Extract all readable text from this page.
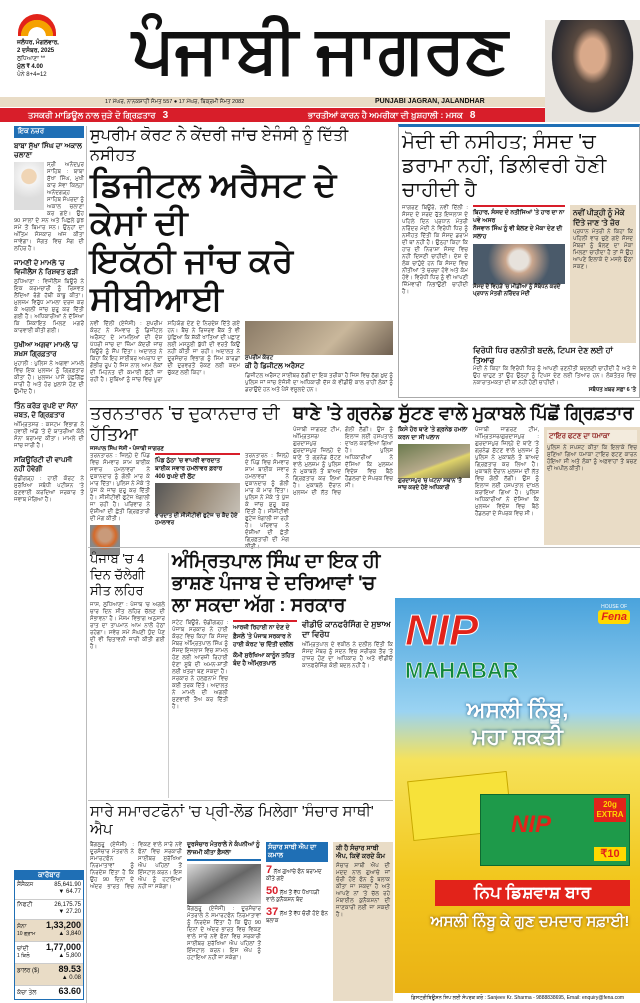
ਜਲੰਧਰ, ਮੰਗਲਵਾਰ,
2 ਦਸੰਬਰ, 2025
ਲੁਧਿਆਣਾ **
ਮੁੱਲ ₹ 4.00
ਪੰਨੇ 8+4=12	ਪੰਜਾਬੀ ਜਾਗਰਣ
17 ਮੱਘਰ, ਨਾਨਕਸ਼ਾਹੀ ਸੰਮਤ 557 ● 17 ਮੱਘਰ, ਬਿਕ੍ਰਮੀ ਸੰਮਤ 2082	PUNJABI JAGRAN, JALANDHAR
ਤਸਕਰੀ ਮਾਡਿਊਲ ਨਾਲ ਜੁੜੇ ਦੋ ਗ੍ਰਿਫ਼ਤਾਰ 3	ਭਾਰਤੀਆਂ ਕਾਰਨ ਹੈ ਅਮਰੀਕਾ ਦੀ ਖ਼ੁਸ਼ਹਾਲੀ : ਮਸਕ 8
ਇਕ ਨਜ਼ਰ
ਬਾਬਾ ਸੁੱਖਾ ਸਿੰਘ ਦਾ ਅਕਾਲ ਚਲਾਣਾ
ਸ੍ਰੀ ਅਨੰਦਪੁਰ ਸਾਹਿਬ : ਬਾਬਾ ਸੁੱਖਾ ਸਿੰਘ, ਮੁਖੀ ਕਾਰ ਸੇਵਾ ਕਿਲ੍ਹਾ ਅਨੰਦਗੜ੍ਹ ਸਾਹਿਬ ਸੰਪਰਦਾ ਨੂੰ ਅਕਾਲ ਚਲਾਣਾ ਕਰ ਗਏ। ਉਹ 90 ਸਾਲਾਂ ਦੇ ਸਨ ਅਤੇ ਪਿਛਲੇ ਕੁਝ ਸਮੇਂ ਤੋਂ ਬਿਮਾਰ ਸਨ। ਉਨ੍ਹਾਂ ਦਾ ਅੰਤਿਮ ਸੰਸਕਾਰ ਅੱਜ ਕੀਤਾ ਜਾਵੇਗਾ। ਸੰਗਤ ਵਿਚ ਸੋਗ ਦੀ ਲਹਿਰ ਹੈ।
ਜਾਮਣੀ ਦੇ ਮਾਮਲੇ 'ਚ ਵਿਜੀਲੈਂਸ ਨੇ ਰਿਸ਼ਵਤ ਫੜੀ
ਲੁਧਿਆਣਾ : ਵਿਜੀਲੈਂਸ ਬਿਊਰੋ ਨੇ ਇਕ ਕਰਮਚਾਰੀ ਨੂੰ ਰਿਸ਼ਵਤ ਲੈਂਦਿਆਂ ਰੰਗੇ ਹੱਥੀਂ ਕਾਬੂ ਕੀਤਾ। ਮੁਲਜ਼ਮ ਵਿਰੁੱਧ ਮਾਮਲਾ ਦਰਜ ਕਰ ਕੇ ਅਗਲੀ ਜਾਂਚ ਸ਼ੁਰੂ ਕਰ ਦਿੱਤੀ ਗਈ ਹੈ। ਅਧਿਕਾਰੀਆਂ ਨੇ ਦੱਸਿਆ ਕਿ ਸ਼ਿਕਾਇਤ ਮਿਲਣ ਮਗਰੋਂ ਕਾਰਵਾਈ ਕੀਤੀ ਗਈ।
ਧੁਖੀਆ ਅਗਵਾ ਮਾਮਲੇ 'ਚ ਸ਼ਖ਼ਸ ਗ੍ਰਿਫ਼ਤਾਰ
ਮੁਹਾਲੀ : ਪੁਲਿਸ ਨੇ ਅਗਵਾ ਮਾਮਲੇ ਵਿਚ ਇਕ ਮੁਲਜ਼ਮ ਨੂੰ ਗ੍ਰਿਫ਼ਤਾਰ ਕੀਤਾ ਹੈ। ਮੁਲਜ਼ਮ ਪਾਸੋਂ ਪੁੱਛਗਿੱਛ ਜਾਰੀ ਹੈ ਅਤੇ ਹੋਰ ਖ਼ੁਲਾਸੇ ਹੋਣ ਦੀ ਉਮੀਦ ਹੈ।
ਤਿੰਨ ਕਰੋੜ ਰੁਪਏ ਦਾ ਸੋਨਾ ਜ਼ਬਤ, ਦੋ ਗ੍ਰਿਫ਼ਤਾਰ
ਅੰਮ੍ਰਿਤਸਰ : ਕਸਟਮ ਵਿਭਾਗ ਨੇ ਹਵਾਈ ਅੱਡੇ 'ਤੇ ਦੋ ਯਾਤਰੀਆਂ ਕੋਲੋਂ ਸੋਨਾ ਬਰਾਮਦ ਕੀਤਾ। ਮਾਮਲੇ ਦੀ ਜਾਂਚ ਜਾਰੀ ਹੈ।
ਸਕਿਊਰਿਟੀ ਦੀ ਵਾਪਸੀ ਨਹੀਂ ਹੋਵੇਗੀ
ਚੰਡੀਗੜ੍ਹ : ਹਾਈ ਕੋਰਟ ਨੇ ਸੁਰੱਖਿਆ ਸਬੰਧੀ ਪਟੀਸ਼ਨ 'ਤੇ ਸੁਣਵਾਈ ਕਰਦਿਆਂ ਸਰਕਾਰ ਤੋਂ ਜਵਾਬ ਮੰਗਿਆ ਹੈ।
ਕਾਰੋਬਾਰ
ਸੈਂਸੈਕਸ	85,641.90
▼ 64.77
ਨਿਫਟੀ	26,175.75
▼ 27.20
ਸੋਨਾ 1,33,200
10 ਗ੍ਰਾਮ	▲ 3,840
ਚਾਂਦੀ 1,77,000
1 ਕਿਲੋ	▲ 5,800
ਡਾਲਰ ($) 89.53
▲ 0.08
ਕੱਚਾ ਤੇਲ 63.60
ਸੁਪਰੀਮ ਕੋਰਟ ਨੇ ਕੇਂਦਰੀ ਜਾਂਚ ਏਜੰਸੀ ਨੂੰ ਦਿੱਤੀ ਨਸੀਹਤ
ਡਿਜੀਟਲ ਅਰੈਸਟ ਦੇ ਕੇਸਾਂ ਦੀ
ਇਕੱਠੀ ਜਾਂਚ ਕਰੇ ਸੀਬੀਆਈ
ਨਵੀਂ ਦਿੱਲੀ (ਏਜੰਸੀ) : ਸੁਪਰੀਮ ਕੋਰਟ ਨੇ ਸੋਮਵਾਰ ਨੂੰ ਡਿਜੀਟਲ ਅਰੈਸਟ ਦੇ ਮਾਮਲਿਆਂ ਦੀ ਦੇਸ਼ ਪੱਧਰੀ ਜਾਂਚ ਦਾ ਜ਼ਿੰਮਾ ਕੇਂਦਰੀ ਜਾਂਚ ਬਿਊਰੋ ਨੂੰ ਸੌਂਪ ਦਿੱਤਾ। ਅਦਾਲਤ ਨੇ ਕਿਹਾ ਕਿ ਇਹ ਸਾਈਬਰ ਅਪਰਾਧ ਦਾ ਗੰਭੀਰ ਰੂਪ ਹੈ ਜਿਸ ਨਾਲ ਆਮ ਲੋਕਾਂ ਦੀ ਮਿਹਨਤ ਦੀ ਕਮਾਈ ਲੁੱਟੀ ਜਾ ਰਹੀ ਹੈ। ਸੂਬਿਆਂ ਨੂੰ ਜਾਂਚ ਵਿਚ ਪੂਰਾ ਸਹਿਯੋਗ ਦੇਣ ਦੇ ਨਿਰਦੇਸ਼ ਦਿੱਤੇ ਗਏ ਹਨ। ਬੈਂਚ ਨੇ ਰਿਜ਼ਰਵ ਬੈਂਕ ਤੋਂ ਵੀ ਪੁੱਛਿਆ ਕਿ ਸ਼ੱਕੀ ਖਾਤਿਆਂ ਦੀ ਪਛਾਣ ਲਈ ਮਸਨੂਈ ਬੁੱਧੀ ਦੀ ਵਰਤੋਂ ਕਿਉਂ ਨਹੀਂ ਕੀਤੀ ਜਾ ਰਹੀ। ਅਦਾਲਤ ਨੇ ਦੂਰਸੰਚਾਰ ਵਿਭਾਗ ਨੂੰ ਸਿਮ ਕਾਰਡਾਂ ਦੀ ਦੁਰਵਰਤੋਂ ਰੋਕਣ ਲਈ ਕਦਮ ਚੁੱਕਣ ਲਈ ਕਿਹਾ।
ਸੁਪਰੀਮ ਕੋਰਟ
ਕੀ ਹੈ ਡਿਜੀਟਲ ਅਰੈਸਟ
ਡਿਜੀਟਲ ਅਰੈਸਟ ਸਾਈਬਰ ਠੱਗੀ ਦਾ ਇਕ ਤਰੀਕਾ ਹੈ ਜਿਸ ਵਿਚ ਠੱਗ ਖ਼ੁਦ ਨੂੰ ਪੁਲਿਸ ਜਾਂ ਜਾਂਚ ਏਜੰਸੀ ਦਾ ਅਧਿਕਾਰੀ ਦੱਸ ਕੇ ਵੀਡੀਓ ਕਾਲ ਰਾਹੀਂ ਲੋਕਾਂ ਨੂੰ ਡਰਾਉਂਦੇ ਹਨ ਅਤੇ ਪੈਸੇ ਵਸੂਲਦੇ ਹਨ।
ਮੋਦੀ ਦੀ ਨਸੀਹਤ; ਸੰਸਦ 'ਚ ਡਰਾਮਾ ਨਹੀਂ, ਡਿਲੀਵਰੀ ਹੋਣੀ ਚਾਹੀਦੀ ਹੈ
ਜਾਗਰਣ ਬਿਊਰੋ, ਨਵੀਂ ਦਿੱਲੀ : ਸੰਸਦ ਦੇ ਸਰਦ ਰੁੱਤ ਇਜਲਾਸ ਦੇ ਪਹਿਲੇ ਦਿਨ ਪ੍ਰਧਾਨ ਮੰਤਰੀ ਨਰਿੰਦਰ ਮੋਦੀ ਨੇ ਵਿਰੋਧੀ ਧਿਰ ਨੂੰ ਨਸੀਹਤ ਦਿੱਤੀ ਕਿ ਸੰਸਦ ਡਰਾਮੇ ਦੀ ਥਾਂ ਨਹੀਂ ਹੈ। ਉਨ੍ਹਾਂ ਕਿਹਾ ਕਿ ਹਾਰ ਦੀ ਨਿਰਾਸ਼ਾ ਸੰਸਦ ਵਿਚ ਨਹੀਂ ਦਿਸਣੀ ਚਾਹੀਦੀ। ਦੇਸ਼ ਦੇ ਲੋਕ ਚਾਹੁੰਦੇ ਹਨ ਕਿ ਸੰਸਦ ਵਿਚ ਨੀਤੀਆਂ 'ਤੇ ਚਰਚਾ ਹੋਵੇ ਅਤੇ ਕੰਮ ਹੋਵੇ। ਵਿਰੋਧੀ ਧਿਰ ਨੂੰ ਵੀ ਆਪਣੀ ਜ਼ਿੰਮੇਵਾਰੀ ਨਿਭਾਉਣੀ ਚਾਹੀਦੀ ਹੈ।
ਬਿਹਾਰ, ਸੰਸਦ ਦੇ ਨਤੀਜਿਆਂ 'ਤੇ ਹਾਰ ਦਾ ਨਾ ਪਵੇ ਅਸਰ
ਨੌਜਵਾਨ ਸਿੰਘ ਨੂੰ ਵੀ ਬੋਲਣ ਦੇ ਮੌਕਾ ਦੇਣ ਦੀ ਸਲਾਹ
ਸੰਸਦ ਦੇ ਵਿਹੜੇ 'ਚ ਮੀਡੀਆ ਨੂੰ ਸੰਬੋਧਨ ਕਰਦੇ ਪ੍ਰਧਾਨ ਮੰਤਰੀ ਨਰਿੰਦਰ ਮੋਦੀ
ਨਵੀਂ ਪੀੜ੍ਹੀ ਨੂੰ ਮੌਕੇ ਦਿੱਤੇ ਜਾਣ 'ਤੇ ਜ਼ੋਰ
ਪ੍ਰਧਾਨ ਮੰਤਰੀ ਨੇ ਕਿਹਾ ਕਿ ਪਹਿਲੀ ਵਾਰ ਚੁਣੇ ਗਏ ਸੰਸਦ ਮੈਂਬਰਾਂ ਨੂੰ ਬੋਲਣ ਦਾ ਮੌਕਾ ਮਿਲਣਾ ਚਾਹੀਦਾ ਹੈ ਤਾਂ ਜੋ ਉਹ ਆਪਣੇ ਇਲਾਕੇ ਦੇ ਮਸਲੇ ਉਠਾ ਸਕਣ।
ਵਿਰੋਧੀ ਧਿਰ ਰਣਨੀਤੀ ਬਦਲੇ, ਟਿਪਸ ਦੇਣ ਲਈ ਹਾਂ ਤਿਆਰ
ਮੋਦੀ ਨੇ ਕਿਹਾ ਕਿ ਵਿਰੋਧੀ ਧਿਰ ਨੂੰ ਆਪਣੀ ਰਣਨੀਤੀ ਬਦਲਣੀ ਚਾਹੀਦੀ ਹੈ ਅਤੇ ਜੇ ਉਹ ਚਾਹੁਣ ਤਾਂ ਉਹ ਉਨ੍ਹਾਂ ਨੂੰ ਟਿਪਸ ਦੇਣ ਲਈ ਤਿਆਰ ਹਨ। ਲੋਕਤੰਤਰ ਵਿਚ ਨਕਾਰਾਤਮਕਤਾ ਦੀ ਥਾਂ ਨਹੀਂ ਹੋਣੀ ਚਾਹੀਦੀ।
ਸਬੰਧਤ ਖ਼ਬਰ ਸਫ਼ਾ 6 'ਤੇ
ਤਰਨਤਾਰਨ 'ਚ ਦੁਕਾਨਦਾਰ ਦੀ ਹੱਤਿਆ
ਜਸਪਾਲ ਸਿੰਘ ਜੱਸੀ • ਪੰਜਾਬੀ ਜਾਗਰਣ
ਤਰਨਤਾਰਨ : ਜ਼ਿਲ੍ਹੇ ਦੇ ਪਿੰਡ ਵਿਚ ਸੋਮਵਾਰ ਸ਼ਾਮ ਬਾਈਕ ਸਵਾਰ ਹਮਲਾਵਰਾਂ ਨੇ ਦੁਕਾਨਦਾਰ ਨੂੰ ਗੋਲੀ ਮਾਰ ਕੇ ਮਾਰ ਦਿੱਤਾ। ਪੁਲਿਸ ਨੇ ਮੌਕੇ 'ਤੇ ਪੁੱਜ ਕੇ ਜਾਂਚ ਸ਼ੁਰੂ ਕਰ ਦਿੱਤੀ ਹੈ। ਸੀਸੀਟੀਵੀ ਫੁਟੇਜ ਖੰਗਾਲੀ ਜਾ ਰਹੀ ਹੈ। ਪਰਿਵਾਰ ਨੇ ਦੋਸ਼ੀਆਂ ਦੀ ਛੇਤੀ ਗ੍ਰਿਫ਼ਤਾਰੀ ਦੀ ਮੰਗ ਕੀਤੀ।
ਪਿੰਡ ਠੁੱਠਾ 'ਚ ਵਾਪਰੀ ਵਾਰਦਾਤ
ਬਾਈਕ ਸਵਾਰ ਹਮਲਾਵਰ ਫ਼ਰਾਰ
400 ਰੁਪਏ ਦੀ ਲੁੱਟ
ਵਾਰਦਾਤ ਦੀ ਸੀਸੀਟੀਵੀ ਫੁਟੇਜ 'ਚ ਕੈਦ ਹੋਏ ਹਮਲਾਵਰ
ਤਰਨਤਾਰਨ : ਜ਼ਿਲ੍ਹੇ ਦੇ ਪਿੰਡ ਵਿਚ ਸੋਮਵਾਰ ਸ਼ਾਮ ਬਾਈਕ ਸਵਾਰ ਹਮਲਾਵਰਾਂ ਨੇ ਦੁਕਾਨਦਾਰ ਨੂੰ ਗੋਲੀ ਮਾਰ ਕੇ ਮਾਰ ਦਿੱਤਾ। ਪੁਲਿਸ ਨੇ ਮੌਕੇ 'ਤੇ ਪੁੱਜ ਕੇ ਜਾਂਚ ਸ਼ੁਰੂ ਕਰ ਦਿੱਤੀ ਹੈ। ਸੀਸੀਟੀਵੀ ਫੁਟੇਜ ਖੰਗਾਲੀ ਜਾ ਰਹੀ ਹੈ। ਪਰਿਵਾਰ ਨੇ ਦੋਸ਼ੀਆਂ ਦੀ ਛੇਤੀ ਗ੍ਰਿਫ਼ਤਾਰੀ ਦੀ ਮੰਗ
ਥਾਣੇ 'ਤੇ ਗ੍ਰਨੇਡ ਸੁੱਟਣ ਵਾਲੇ ਮੁਕਾਬਲੇ ਪਿੱਛੋਂ ਗ੍ਰਿਫ਼ਤਾਰ
ਪੰਜਾਬੀ ਜਾਗਰਣ ਟੀਮ, ਅੰਮ੍ਰਿਤਸਰ/ਗੁਰਦਾਸਪੁਰ : ਗੁਰਦਾਸਪੁਰ ਜ਼ਿਲ੍ਹੇ ਦੇ ਥਾਣੇ 'ਤੇ ਗ੍ਰਨੇਡ ਸੁੱਟਣ ਵਾਲੇ ਮੁਲਜ਼ਮ ਨੂੰ ਪੁਲਿਸ ਨੇ ਮੁਕਾਬਲੇ ਤੋਂ ਬਾਅਦ ਗ੍ਰਿਫ਼ਤਾਰ ਕਰ ਲਿਆ ਹੈ। ਮੁਕਾਬਲੇ ਦੌਰਾਨ ਮੁਲਜ਼ਮ ਦੀ ਲੱਤ ਵਿਚ ਗੋਲੀ ਲੱਗੀ। ਉਸ ਨੂੰ ਇਲਾਜ ਲਈ ਹਸਪਤਾਲ ਦਾਖ਼ਲ ਕਰਾਇਆ ਗਿਆ ਹੈ। ਪੁਲਿਸ ਅਧਿਕਾਰੀਆਂ ਨੇ ਦੱਸਿਆ ਕਿ ਮੁਲਜ਼ਮ ਵਿਦੇਸ਼ ਵਿਚ ਬੈਠੇ ਹੈਂਡਲਰਾਂ ਦੇ ਸੰਪਰਕ ਵਿਚ ਸੀ।
ਕਿਸੇ ਹੋਰ ਥਾਣੇ 'ਤੇ ਗ੍ਰਨੇਡ ਹਮਲਾ ਕਰਨ ਦਾ ਸੀ ਪਲਾਨ
ਗੁਰਦਾਸਪੁਰ 'ਚ ਘਟਨਾ ਸਥਾਨ 'ਤੇ ਜਾਂਚ ਕਰਦੇ ਹੋਏ ਅਧਿਕਾਰੀ
ਪੰਜਾਬੀ ਜਾਗਰਣ ਟੀਮ, ਅੰਮ੍ਰਿਤਸਰ/ਗੁਰਦਾਸਪੁਰ : ਗੁਰਦਾਸਪੁਰ ਜ਼ਿਲ੍ਹੇ ਦੇ ਥਾਣੇ 'ਤੇ ਗ੍ਰਨੇਡ ਸੁੱਟਣ ਵਾਲੇ ਮੁਲਜ਼ਮ ਨੂੰ ਪੁਲਿਸ ਨੇ ਮੁਕਾਬਲੇ ਤੋਂ ਬਾਅਦ ਗ੍ਰਿਫ਼ਤਾਰ ਕਰ ਲਿਆ ਹੈ। ਮੁਕਾਬਲੇ ਦੌਰਾਨ ਮੁਲਜ਼ਮ ਦੀ ਲੱਤ ਵਿਚ ਗੋਲੀ ਲੱਗੀ। ਉਸ ਨੂੰ ਇਲਾਜ ਲਈ ਹਸਪਤਾਲ ਦਾਖ਼ਲ ਕਰਾਇਆ ਗਿਆ ਹੈ। ਪੁਲਿਸ ਅਧਿਕਾਰੀਆਂ ਨੇ ਦੱਸਿਆ ਕਿ ਮੁਲਜ਼ਮ ਵਿਦੇਸ਼ ਵਿਚ ਬੈਠੇ ਹੈਂਡਲਰਾਂ ਦੇ ਸੰਪਰਕ ਵਿਚ ਸੀ।
ਟਾਇਰ ਫਟਣ ਦਾ ਧਮਾਕਾ
ਪੁਲਿਸ ਨੇ ਸਪਸ਼ਟ ਕੀਤਾ ਕਿ ਇਲਾਕੇ ਵਿਚ ਸੁਣਿਆ ਗਿਆ ਧਮਾਕਾ ਟਾਇਰ ਫਟਣ ਕਾਰਨ ਹੋਇਆ ਸੀ ਅਤੇ ਲੋਕਾਂ ਨੂੰ ਅਫ਼ਵਾਹਾਂ ਤੋਂ ਬਚਣ ਦੀ ਅਪੀਲ ਕੀਤੀ।
ਪੰਜਾਬ 'ਚ 4 ਦਿਨ ਚੱਲੇਗੀ ਸੀਤ ਲਹਿਰ
ਜਾਸ, ਲੁਧਿਆਣਾ : ਪੰਜਾਬ 'ਚ ਅਗਲੇ ਚਾਰ ਦਿਨ ਸੀਤ ਲਹਿਰ ਚੱਲਣ ਦੀ ਸੰਭਾਵਨਾ ਹੈ। ਮੌਸਮ ਵਿਭਾਗ ਅਨੁਸਾਰ ਰਾਤ ਦਾ ਤਾਪਮਾਨ ਆਮ ਨਾਲੋਂ ਹੇਠਾਂ ਰਹੇਗਾ। ਸਵੇਰ ਸਮੇਂ ਸੰਘਣੀ ਧੁੰਦ ਪੈਣ ਦੀ ਵੀ ਚਿਤਾਵਨੀ ਜਾਰੀ ਕੀਤੀ ਗਈ ਹੈ।
ਅੰਮ੍ਰਿਤਪਾਲ ਸਿੰਘ ਦਾ ਇਕ ਹੀ ਭਾਸ਼ਣ ਪੰਜਾਬ ਦੇ ਦਰਿਆਵਾਂ 'ਚ ਲਾ ਸਕਦਾ ਅੱਗ : ਸਰਕਾਰ
ਸਟੇਟ ਬਿਊਰੋ, ਚੰਡੀਗੜ੍ਹ : ਪੰਜਾਬ ਸਰਕਾਰ ਨੇ ਹਾਈ ਕੋਰਟ ਵਿਚ ਕਿਹਾ ਕਿ ਸੰਸਦ ਮੈਂਬਰ ਅੰਮ੍ਰਿਤਪਾਲ ਸਿੰਘ ਨੂੰ ਸੰਸਦ ਇਜਲਾਸ ਵਿਚ ਸ਼ਾਮਲ ਹੋਣ ਲਈ ਆਰਜ਼ੀ ਰਿਹਾਈ ਦੇਣਾ ਸੂਬੇ ਦੀ ਅਮਨ-ਸ਼ਾਂਤੀ ਲਈ ਖ਼ਤਰਾ ਬਣ ਸਕਦਾ ਹੈ। ਸਰਕਾਰ ਨੇ ਹਲਫ਼ਨਾਮੇ ਵਿਚ ਕਈ ਤਰਕ ਦਿੱਤੇ। ਅਦਾਲਤ ਨੇ ਮਾਮਲੇ ਦੀ ਅਗਲੀ ਸੁਣਵਾਈ ਤੈਅ ਕਰ ਦਿੱਤੀ ਹੈ।
ਆਰਜ਼ੀ ਰਿਹਾਈ ਨਾ ਦੇਣ ਦੇ ਫ਼ੈਸਲੇ 'ਤੇ ਪੰਜਾਬ ਸਰਕਾਰ ਨੇ ਹਾਈ ਕੋਰਟ 'ਚ ਦਿੱਤੀ ਦਲੀਲ
ਕੌਮੀ ਸੁਰੱਖਿਆ ਕਾਨੂੰਨ ਤਹਿਤ ਬੰਦ ਹੈ ਅੰਮ੍ਰਿਤਪਾਲ
ਵੀਡੀਓ ਕਾਨਫਰੰਸਿੰਗ ਦੇ ਸੁਝਾਅ ਦਾ ਵਿਰੋਧ
ਅੰਮ੍ਰਿਤਪਾਲ ਦੇ ਵਕੀਲ ਨੇ ਦਲੀਲ ਦਿੱਤੀ ਕਿ ਸੰਸਦ ਮੈਂਬਰ ਨੂੰ ਸਦਨ ਵਿਚ ਸਰੀਰਕ ਤੌਰ 'ਤੇ ਹਾਜ਼ਰ ਹੋਣ ਦਾ ਅਧਿਕਾਰ ਹੈ ਅਤੇ ਵੀਡੀਓ ਕਾਨਫਰੰਸਿੰਗ ਕੋਈ ਬਦਲ ਨਹੀਂ ਹੈ।
HOUSE OF
Fena
NIP
MAHABAR
ਅਸਲੀ ਨਿੰਬੂ,
ਮਹਾ ਸ਼ਕਤੀ
NIP
20g EXTRA
₹10
ਨਿਪ ਡਿਸ਼ਵਾਸ਼ ਬਾਰ
ਅਸਲੀ ਨਿੰਬੂ ਕੇ ਗੁਣ ਦਮਦਾਰ ਸਫ਼ਾਈ!
ਡਿਸਟ੍ਰੀਬਿਊਸ਼ਨ ਸ਼ਿਪ ਲਈ ਸੰਪਰਕ ਕਰੋ : Sanjeev Kr. Sharma - 9888838695, Email: enquiry@fena.com
ਸਾਰੇ ਸਮਾਰਟਫੋਨਾਂ 'ਚ ਪ੍ਰੀ-ਲੋਡ ਮਿਲੇਗਾ 'ਸੰਚਾਰ ਸਾਥੀ' ਐਪ
ਬੈਂਗਲੁਰੂ (ਏਜੰਸੀ) : ਦੂਰਸੰਚਾਰ ਮੰਤਰਾਲੇ ਨੇ ਸਮਾਰਟਫੋਨ ਨਿਰਮਾਤਾਵਾਂ ਨੂੰ ਨਿਰਦੇਸ਼ ਦਿੱਤਾ ਹੈ ਕਿ ਉਹ 90 ਦਿਨਾਂ ਦੇ ਅੰਦਰ ਭਾਰਤ ਵਿਚ ਵਿਕਣ ਵਾਲੇ ਸਾਰੇ ਨਵੇਂ ਫੋਨਾਂ ਵਿਚ ਸਰਕਾਰੀ ਸਾਈਬਰ ਸੁਰੱਖਿਆ ਐਪ ਪਹਿਲਾਂ ਤੋਂ ਇੰਸਟਾਲ ਕਰਨ। ਇਸ ਐਪ ਨੂੰ ਹਟਾਇਆ ਨਹੀਂ ਜਾ ਸਕੇਗਾ।
ਦੂਰਸੰਚਾਰ ਮੰਤਰਾਲੇ ਨੇ ਕੰਪਨੀਆਂ ਨੂੰ ਲਾਜ਼ਮੀ ਕੀਤਾ ਫ਼ੈਸਲਾ
ਬੈਂਗਲੁਰੂ (ਏਜੰਸੀ) : ਦੂਰਸੰਚਾਰ ਮੰਤਰਾਲੇ ਨੇ ਸਮਾਰਟਫੋਨ ਨਿਰਮਾਤਾਵਾਂ ਨੂੰ ਨਿਰਦੇਸ਼ ਦਿੱਤਾ ਹੈ ਕਿ ਉਹ 90 ਦਿਨਾਂ ਦੇ ਅੰਦਰ ਭਾਰਤ ਵਿਚ ਵਿਕਣ ਵਾਲੇ ਸਾਰੇ ਨਵੇਂ ਫੋਨਾਂ ਵਿਚ ਸਰਕਾਰੀ ਸਾਈਬਰ ਸੁਰੱਖਿਆ ਐਪ ਪਹਿਲਾਂ ਤੋਂ ਇੰਸਟਾਲ ਕਰਨ। ਇਸ ਐਪ ਨੂੰ ਹਟਾਇਆ ਨਹੀਂ ਜਾ ਸਕੇਗਾ।
ਸੰਚਾਰ ਸਾਥੀ ਐਪ ਦਾ ਕਮਾਲ
7 ਲੱਖ ਗੁਆਚੇ ਫੋਨ ਬਰਾਮਦ ਕੀਤੇ ਗਏ
50 ਲੱਖ ਤੋਂ ਵੱਧ ਧੋਖਾਧੜੀ ਵਾਲੇ ਕੁਨੈਕਸ਼ਨ ਬੰਦ
37 ਲੱਖ ਤੋਂ ਵੱਧ ਚੋਰੀ ਹੋਏ ਫੋਨ ਬਲਾਕ
ਕੀ ਹੈ ਸੰਚਾਰ ਸਾਥੀ ਐਪ, ਕਿਵੇਂ ਕਰਦੇ ਕੰਮ
ਸੰਚਾਰ ਸਾਥੀ ਐਪ ਦੀ ਮਦਦ ਨਾਲ ਗੁਆਚੇ ਜਾਂ ਚੋਰੀ ਹੋਏ ਫੋਨ ਨੂੰ ਬਲਾਕ ਕੀਤਾ ਜਾ ਸਕਦਾ ਹੈ ਅਤੇ ਆਪਣੇ ਨਾਂ 'ਤੇ ਚੱਲ ਰਹੇ ਮੋਬਾਈਲ ਕੁਨੈਕਸ਼ਨਾਂ ਦੀ ਜਾਣਕਾਰੀ ਲਈ ਜਾ ਸਕਦੀ ਹੈ।
